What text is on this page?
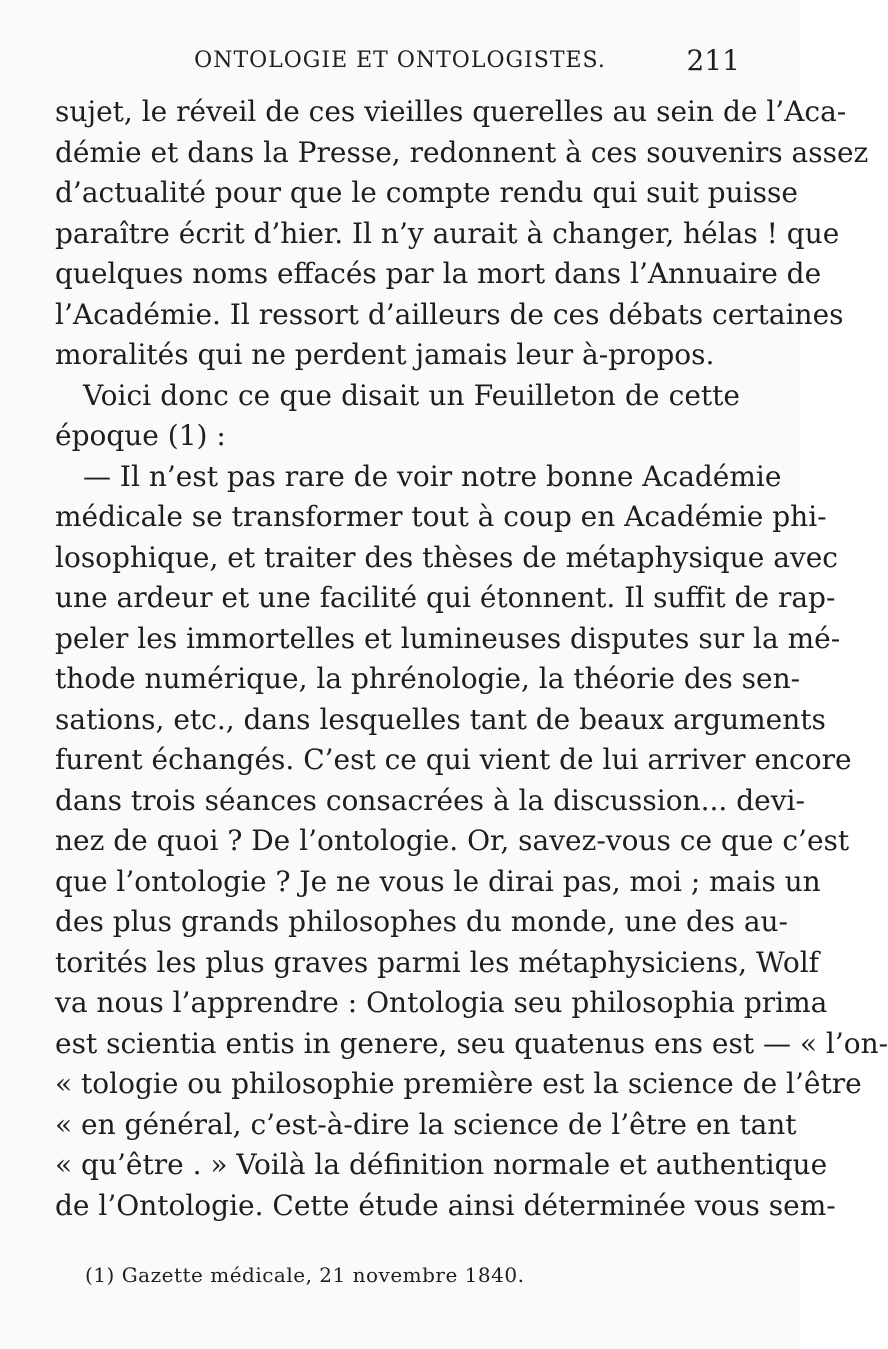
ONTOLOGIE ET ONTOLOGISTES.	211
sujet, le réveil de ces vieilles querelles au sein de l’Aca-
démie et dans la Presse, redonnent à ces souvenirs assez
d’actualité pour que le compte rendu qui suit puisse
paraître écrit d’hier. Il n’y aurait à changer, hélas ! que
quelques noms effacés par la mort dans l’Annuaire de
l’Académie. Il ressort d’ailleurs de ces débats certaines
moralités qui ne perdent jamais leur à-propos.
Voici donc ce que disait un Feuilleton de cette
époque (1) :
— Il n’est pas rare de voir notre bonne Académie
médicale se transformer tout à coup en Académie phi-
losophique, et traiter des thèses de métaphysique avec
une ardeur et une facilité qui étonnent. Il suffit de rap-
peler les immortelles et lumineuses disputes sur la mé-
thode numérique, la phrénologie, la théorie des sen-
sations, etc., dans lesquelles tant de beaux arguments
furent échangés. C’est ce qui vient de lui arriver encore
dans trois séances consacrées à la discussion... devi-
nez de quoi ? De l’ontologie. Or, savez-vous ce que c’est
que l’ontologie ? Je ne vous le dirai pas, moi ; mais un
des plus grands philosophes du monde, une des au-
torités les plus graves parmi les métaphysiciens, Wolf
va nous l’apprendre : Ontologia seu philosophia prima
est scientia entis in genere, seu quatenus ens est — « l’on-
« tologie ou philosophie première est la science de l’être
« en général, c’est-à-dire la science de l’être en tant
« qu’être . » Voilà la définition normale et authentique
de l’Ontologie. Cette étude ainsi déterminée vous sem-
(1) Gazette médicale, 21 novembre 1840.
